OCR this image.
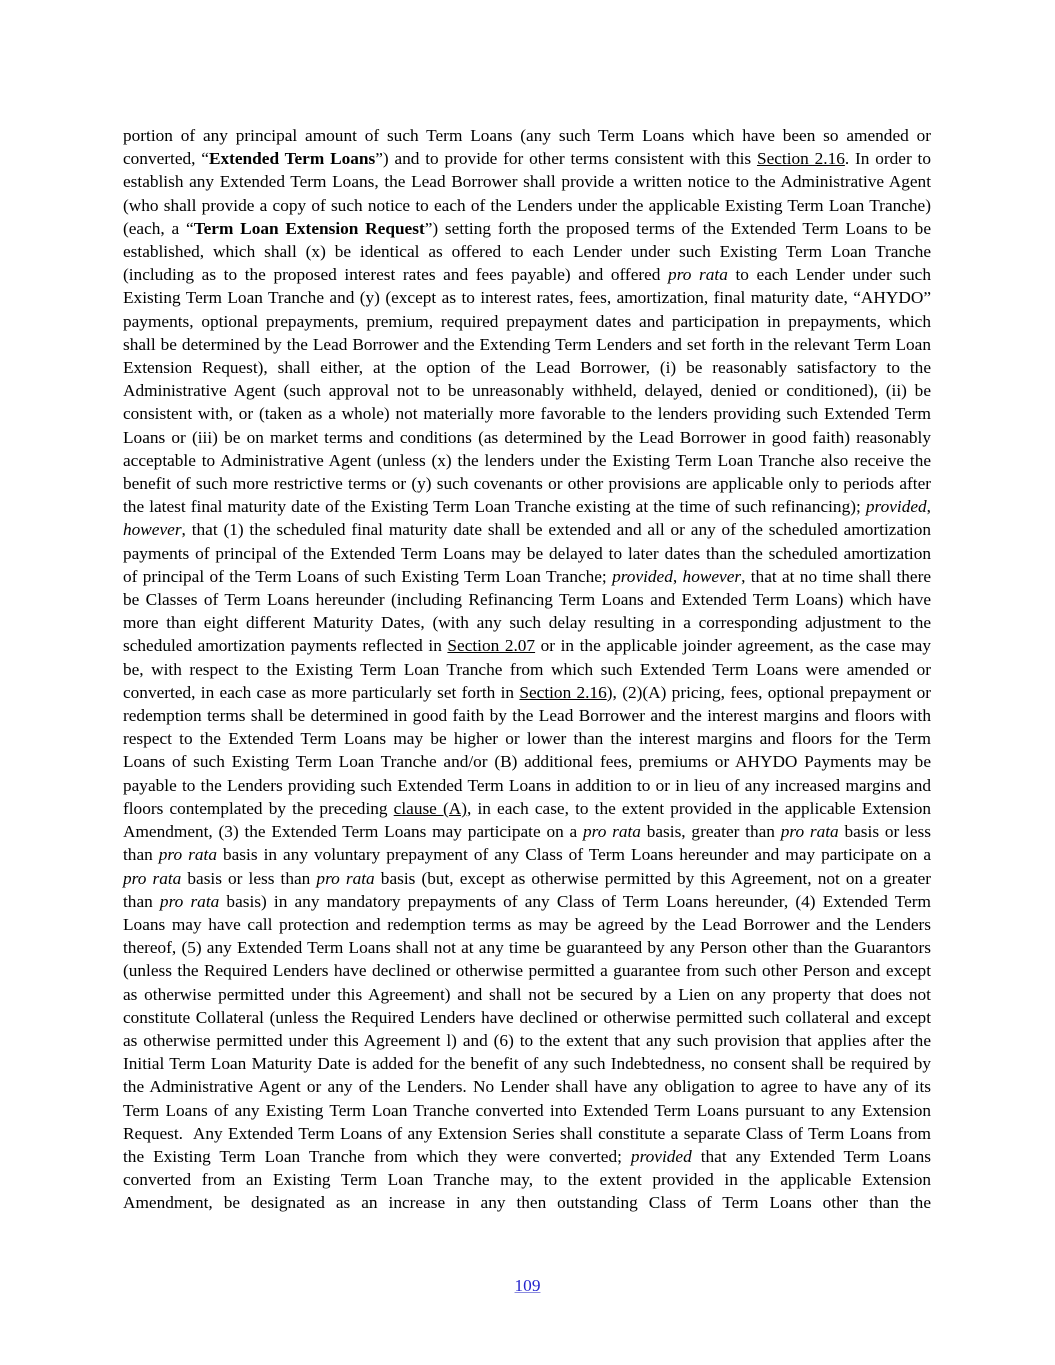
portion of any principal amount of such Term Loans (any such Term Loans which have been so amended or converted, “Extended Term Loans”) and to provide for other terms consistent with this Section 2.16. In order to establish any Extended Term Loans, the Lead Borrower shall provide a written notice to the Administrative Agent (who shall provide a copy of such notice to each of the Lenders under the applicable Existing Term Loan Tranche) (each, a “Term Loan Extension Request”) setting forth the proposed terms of the Extended Term Loans to be established, which shall (x) be identical as offered to each Lender under such Existing Term Loan Tranche (including as to the proposed interest rates and fees payable) and offered pro rata to each Lender under such Existing Term Loan Tranche and (y) (except as to interest rates, fees, amortization, final maturity date, “AHYDO” payments, optional prepayments, premium, required prepayment dates and participation in prepayments, which shall be determined by the Lead Borrower and the Extending Term Lenders and set forth in the relevant Term Loan Extension Request), shall either, at the option of the Lead Borrower, (i) be reasonably satisfactory to the Administrative Agent (such approval not to be unreasonably withheld, delayed, denied or conditioned), (ii) be consistent with, or (taken as a whole) not materially more favorable to the lenders providing such Extended Term Loans or (iii) be on market terms and conditions (as determined by the Lead Borrower in good faith) reasonably acceptable to Administrative Agent (unless (x) the lenders under the Existing Term Loan Tranche also receive the benefit of such more restrictive terms or (y) such covenants or other provisions are applicable only to periods after the latest final maturity date of the Existing Term Loan Tranche existing at the time of such refinancing); provided, however, that (1) the scheduled final maturity date shall be extended and all or any of the scheduled amortization payments of principal of the Extended Term Loans may be delayed to later dates than the scheduled amortization of principal of the Term Loans of such Existing Term Loan Tranche; provided, however, that at no time shall there be Classes of Term Loans hereunder (including Refinancing Term Loans and Extended Term Loans) which have more than eight different Maturity Dates, (with any such delay resulting in a corresponding adjustment to the scheduled amortization payments reflected in Section 2.07 or in the applicable joinder agreement, as the case may be, with respect to the Existing Term Loan Tranche from which such Extended Term Loans were amended or converted, in each case as more particularly set forth in Section 2.16), (2)(A) pricing, fees, optional prepayment or redemption terms shall be determined in good faith by the Lead Borrower and the interest margins and floors with respect to the Extended Term Loans may be higher or lower than the interest margins and floors for the Term Loans of such Existing Term Loan Tranche and/or (B) additional fees, premiums or AHYDO Payments may be payable to the Lenders providing such Extended Term Loans in addition to or in lieu of any increased margins and floors contemplated by the preceding clause (A), in each case, to the extent provided in the applicable Extension Amendment, (3) the Extended Term Loans may participate on a pro rata basis, greater than pro rata basis or less than pro rata basis in any voluntary prepayment of any Class of Term Loans hereunder and may participate on a pro rata basis or less than pro rata basis (but, except as otherwise permitted by this Agreement, not on a greater than pro rata basis) in any mandatory prepayments of any Class of Term Loans hereunder, (4) Extended Term Loans may have call protection and redemption terms as may be agreed by the Lead Borrower and the Lenders thereof, (5) any Extended Term Loans shall not at any time be guaranteed by any Person other than the Guarantors (unless the Required Lenders have declined or otherwise permitted a guarantee from such other Person and except as otherwise permitted under this Agreement) and shall not be secured by a Lien on any property that does not constitute Collateral (unless the Required Lenders have declined or otherwise permitted such collateral and except as otherwise permitted under this Agreement l) and (6) to the extent that any such provision that applies after the Initial Term Loan Maturity Date is added for the benefit of any such Indebtedness, no consent shall be required by the Administrative Agent or any of the Lenders. No Lender shall have any obligation to agree to have any of its Term Loans of any Existing Term Loan Tranche converted into Extended Term Loans pursuant to any Extension Request.  Any Extended Term Loans of any Extension Series shall constitute a separate Class of Term Loans from the Existing Term Loan Tranche from which they were converted; provided that any Extended Term Loans converted from an Existing Term Loan Tranche may, to the extent provided in the applicable Extension Amendment, be designated as an increase in any then outstanding Class of Term Loans other than the
109
